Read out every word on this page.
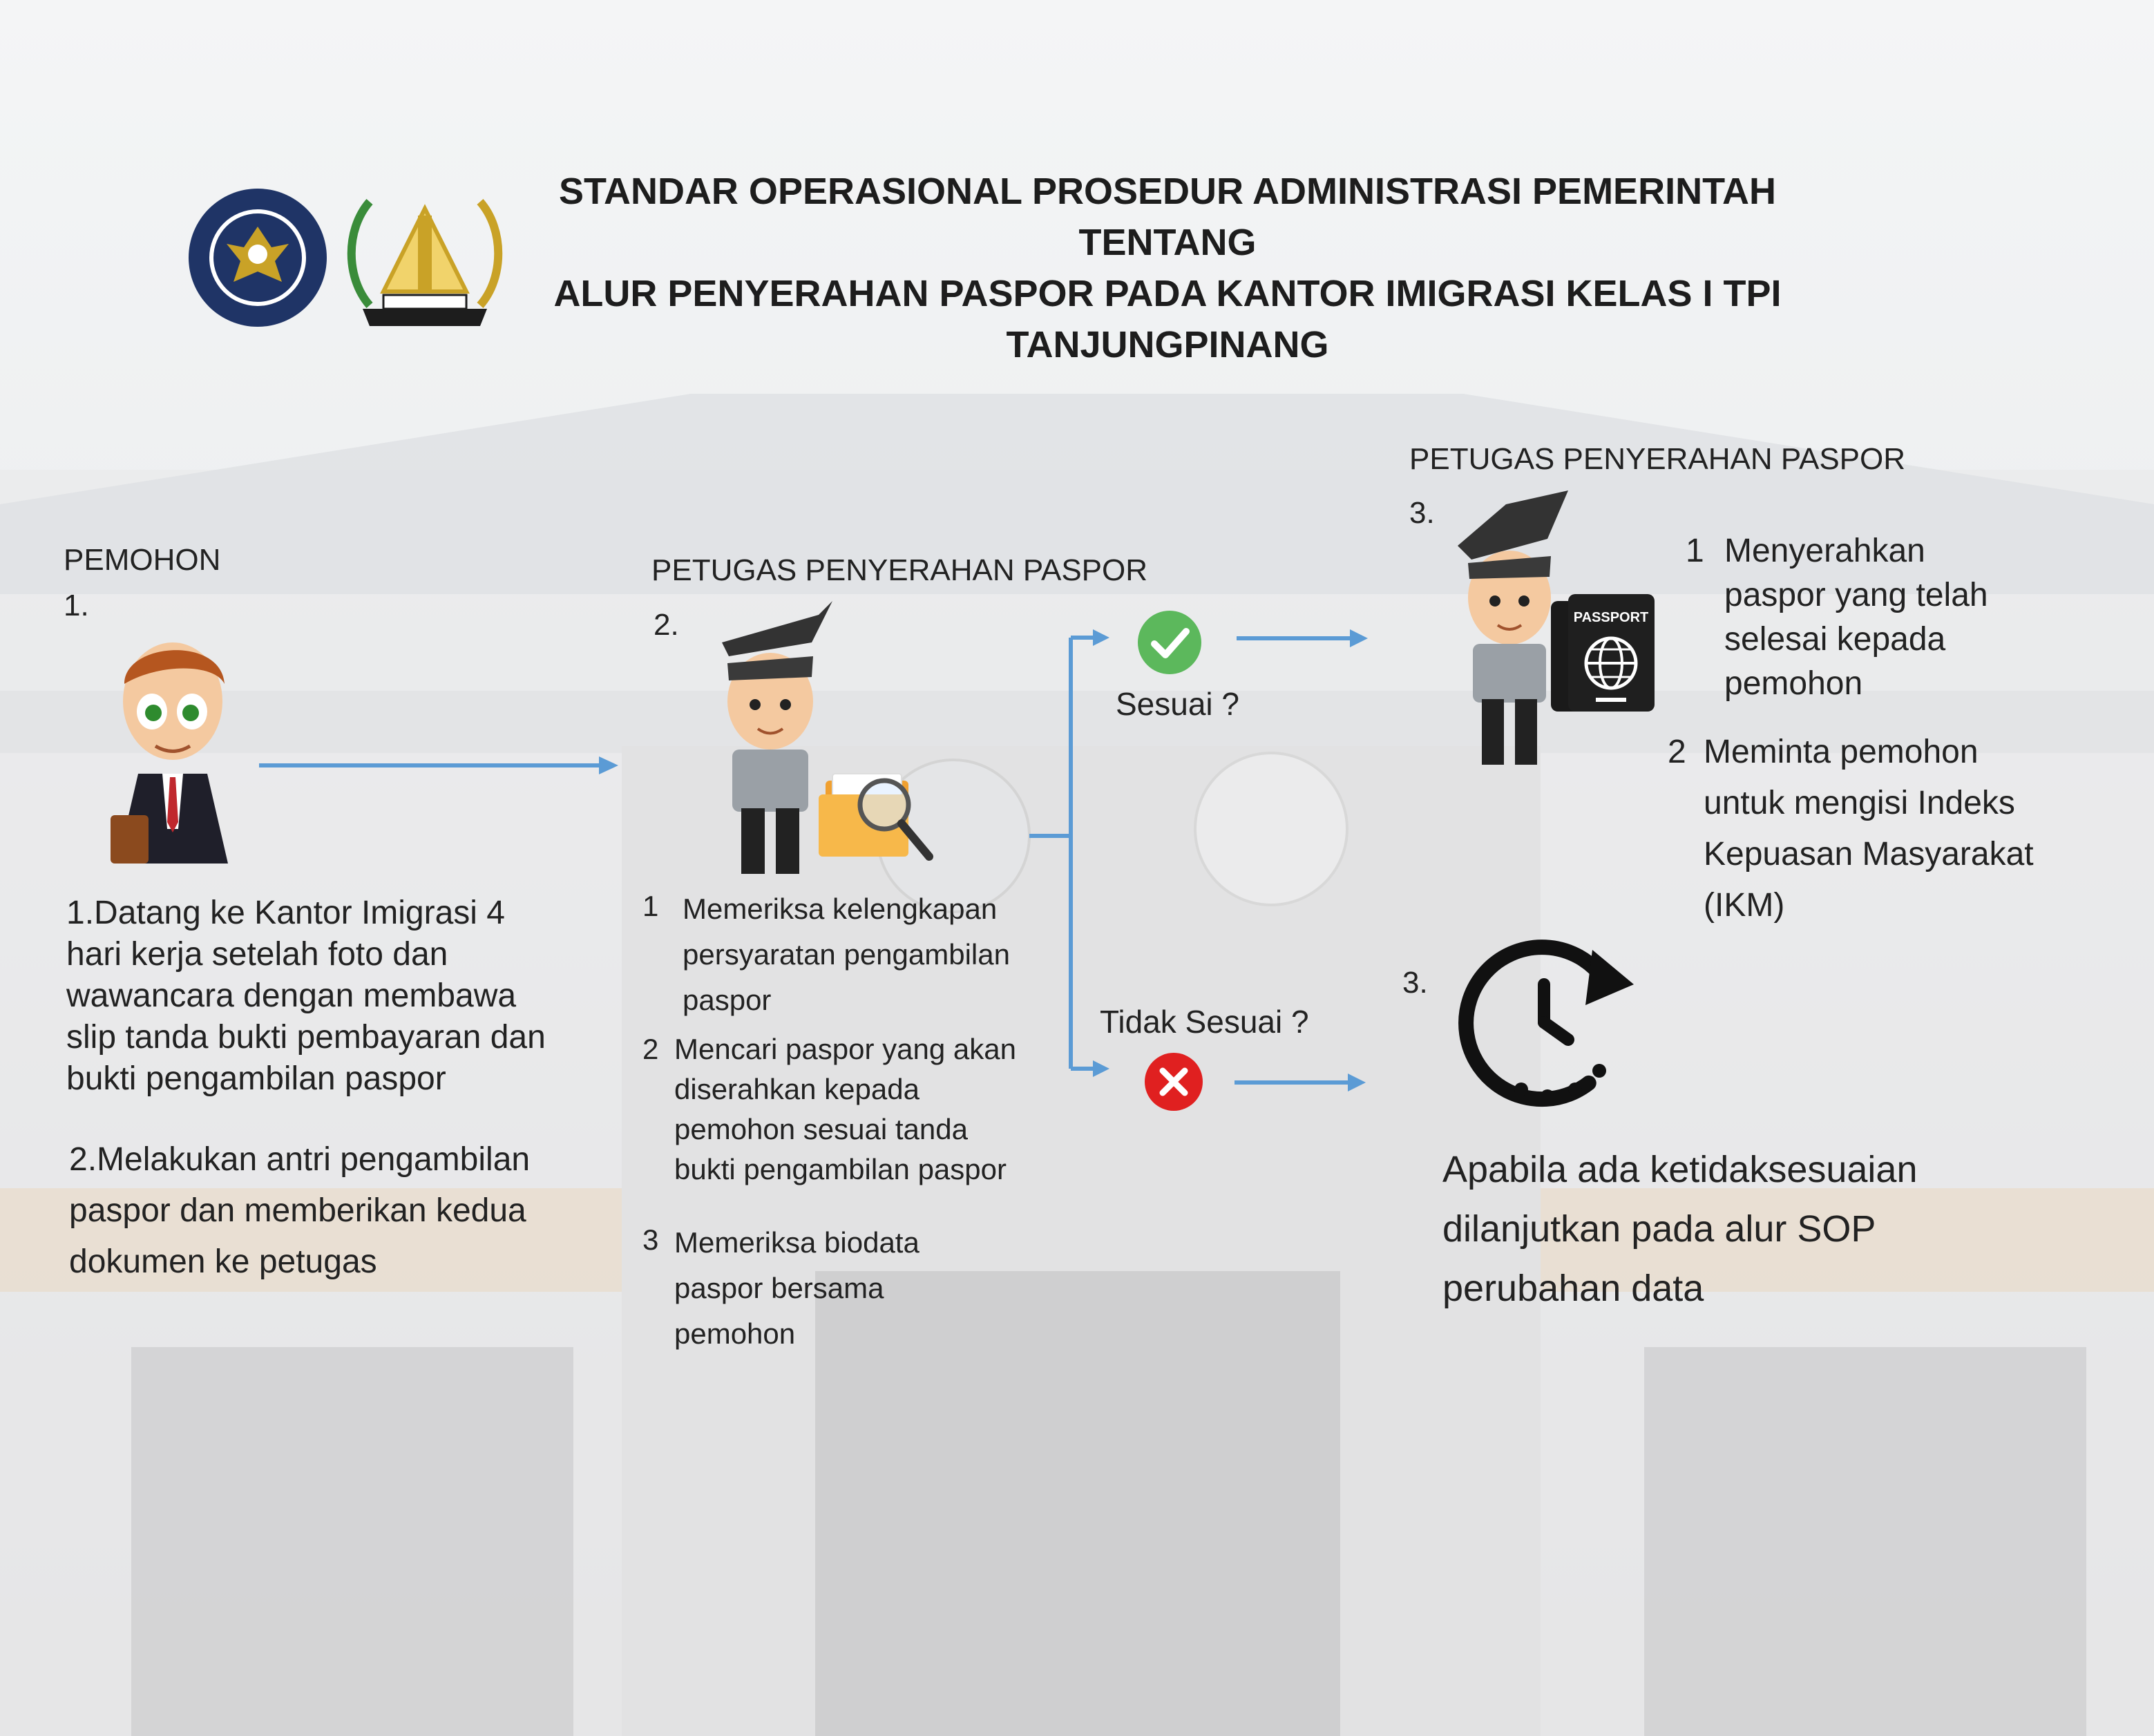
STANDAR OPERASIONAL PROSEDUR ADMINISTRASI PEMERINTAH
TENTANG
ALUR PENYERAHAN PASPOR PADA KANTOR IMIGRASI KELAS I TPI
TANJUNGPINANG
PEMOHON
1.
1.Datang ke Kantor Imigrasi 4
hari kerja setelah foto dan
wawancara dengan membawa
slip tanda bukti pembayaran dan
bukti pengambilan paspor
2.Melakukan antri pengambilan
paspor dan memberikan kedua
dokumen ke petugas
PETUGAS PENYERAHAN PASPOR
2.
1 Memeriksa kelengkapan
persyaratan pengambilan
paspor
2 Mencari paspor yang akan
diserahkan kepada
pemohon sesuai tanda
bukti pengambilan paspor
3 Memeriksa biodata
paspor bersama
pemohon
Sesuai ?
Tidak Sesuai ?
PETUGAS PENYERAHAN PASPOR
3.
PASSPORT
1 Menyerahkan
paspor yang telah
selesai kepada
pemohon
2 Meminta pemohon
untuk mengisi Indeks
Kepuasan Masyarakat
(IKM)
3.
Apabila ada ketidaksesuaian
dilanjutkan pada alur SOP
perubahan data
